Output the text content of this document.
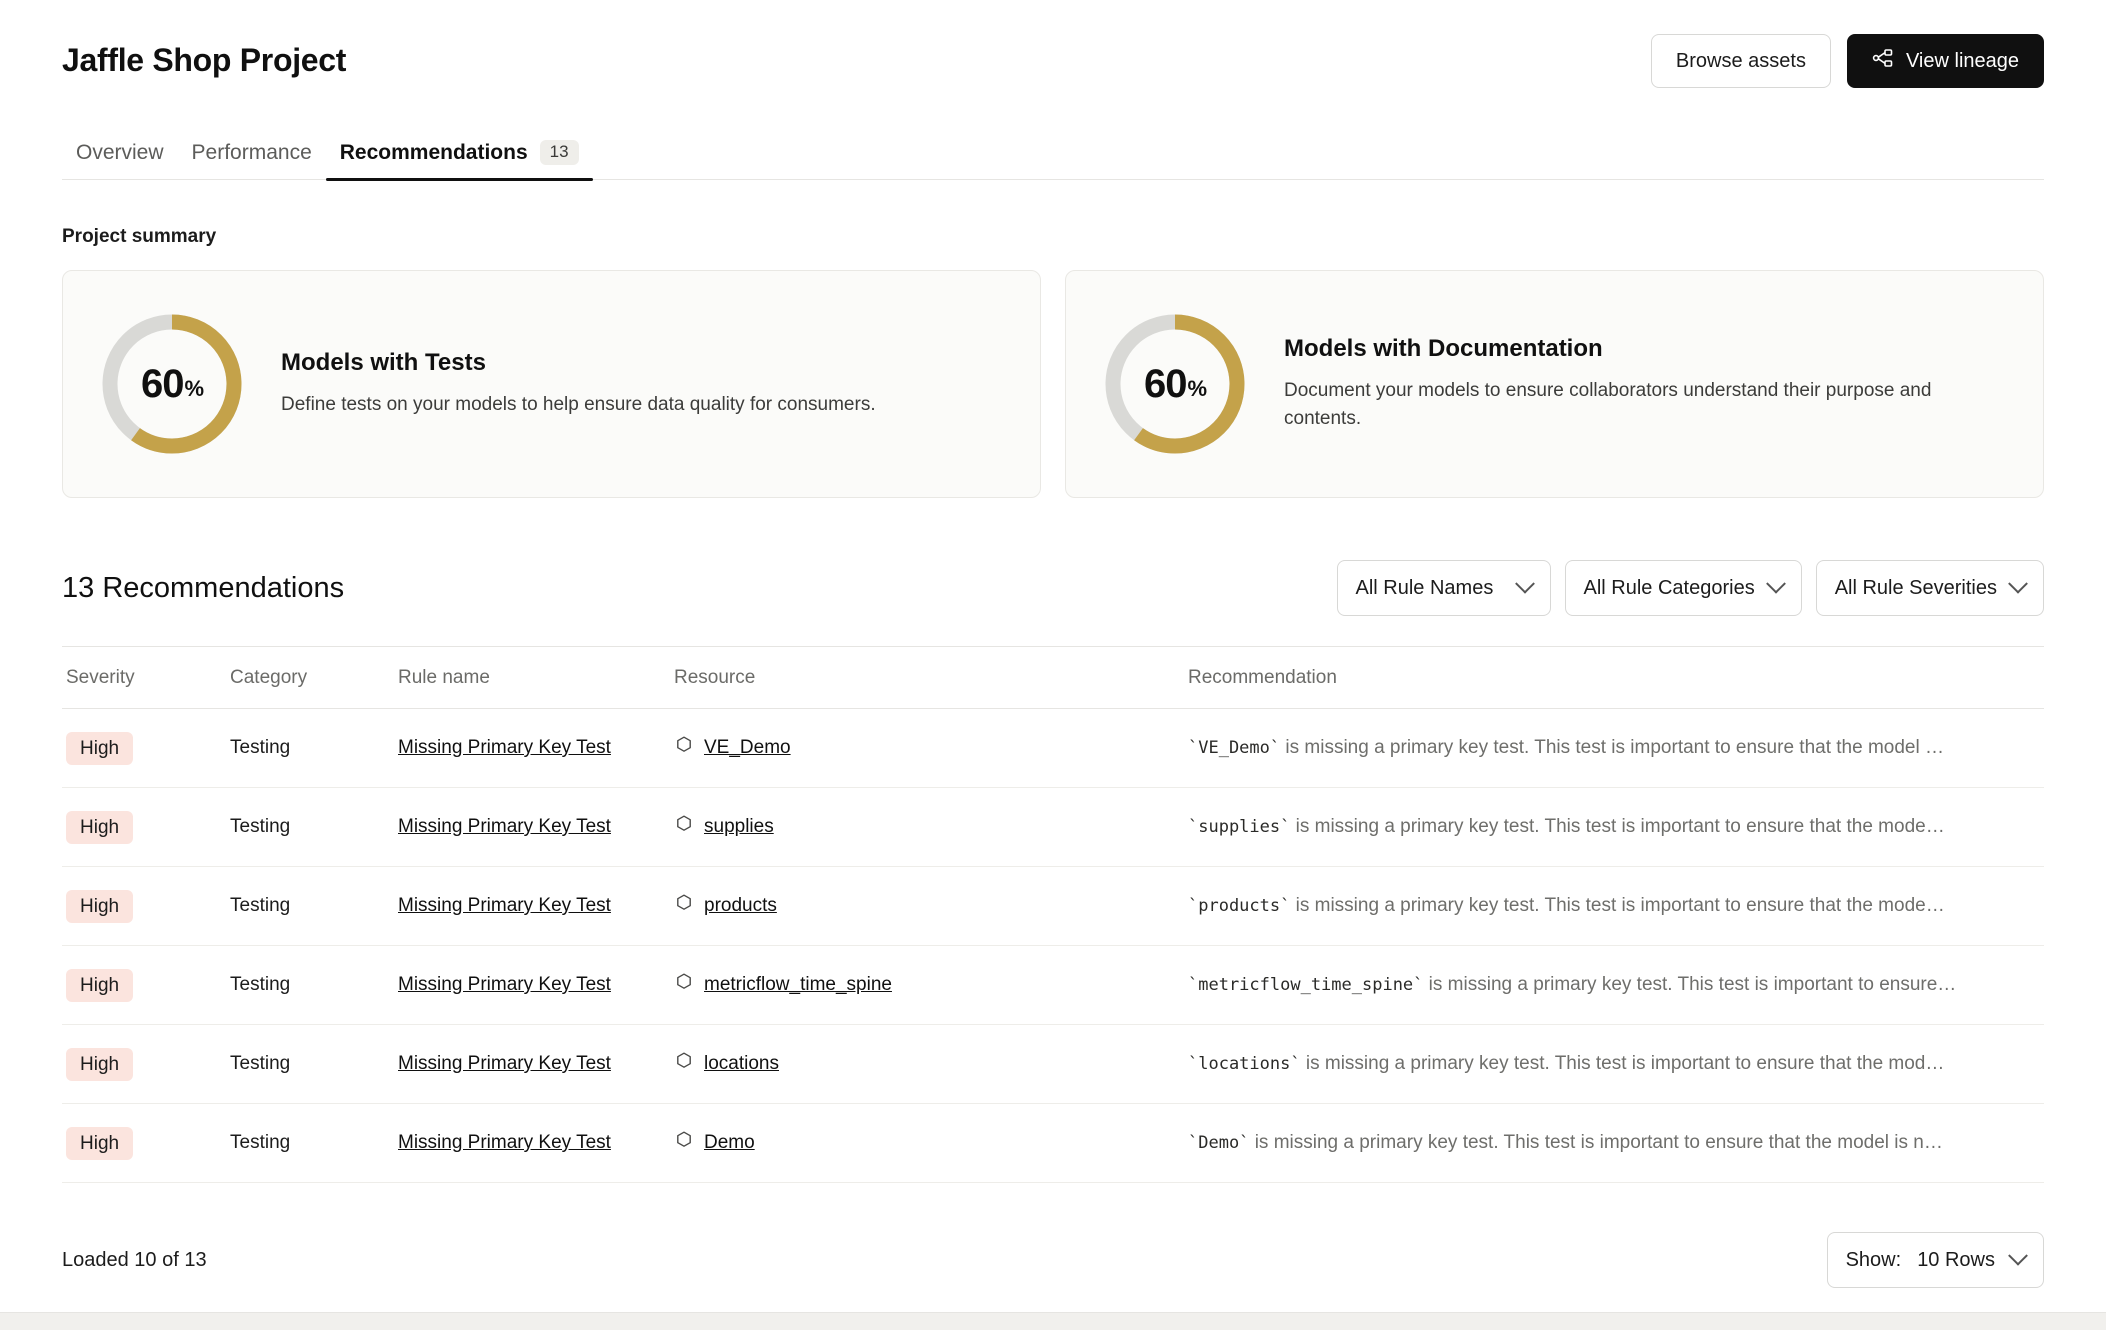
Jaffle Shop Project	Browse assets	View lineage
Overview Performance Recommendations	13
Project summary
60 %
Models with Tests
Define tests on your models to help ensure data quality for consumers.	60 %
Models with Documentation
Document your models to ensure collaborators understand their purpose and contents.
13 Recommendations	All Rule Names	All Rule Categories	All Rule Severities
Severity	Category	Rule name	Resource	Recommendation
High	Testing	Missing Primary Key Test	VE_Demo	`VE_Demo` is missing a primary key test. This test is important to ensure that the model …
High	Testing	Missing Primary Key Test	supplies	`supplies` is missing a primary key test. This test is important to ensure that the mode…
High	Testing	Missing Primary Key Test	products	`products` is missing a primary key test. This test is important to ensure that the mode…
High	Testing	Missing Primary Key Test	metricflow_time_spine	`metricflow_time_spine` is missing a primary key test. This test is important to ensure…
High	Testing	Missing Primary Key Test	locations	`locations` is missing a primary key test. This test is important to ensure that the mod…
High	Testing	Missing Primary Key Test	Demo	`Demo` is missing a primary key test. This test is important to ensure that the model is n…
Loaded 10 of 13	Show: 10 Rows
